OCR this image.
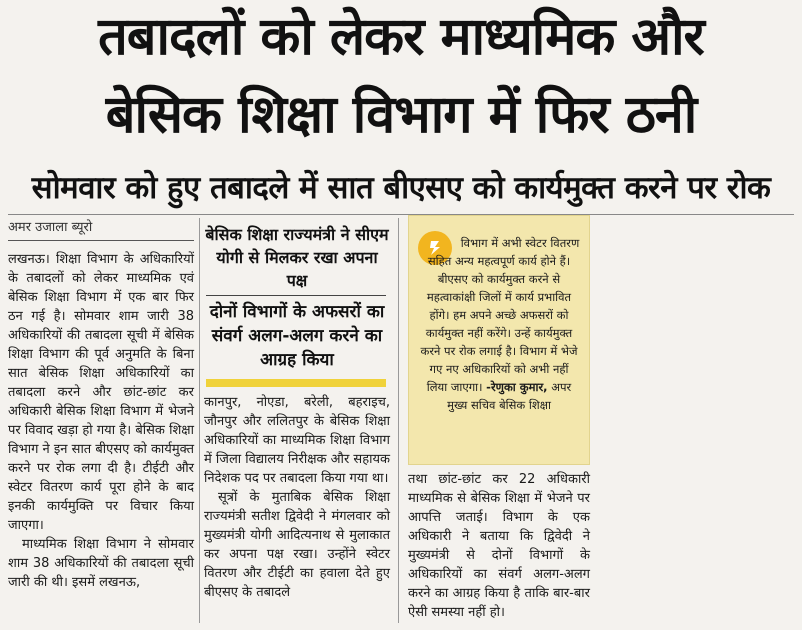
तबादलों को लेकर माध्यमिक और
बेसिक शिक्षा विभाग में फिर ठनी
सोमवार को हुए तबादले में सात बीएसए को कार्यमुक्त करने पर रोक
अमर उजाला ब्यूरो

लखनऊ। शिक्षा विभाग के अधिकारियों के तबादलों को लेकर माध्यमिक एवं बेसिक शिक्षा विभाग में एक बार फिर ठन गई है। सोमवार शाम जारी 38 अधिकारियों की तबादला सूची में बेसिक शिक्षा विभाग की पूर्व अनुमति के बिना सात बेसिक शिक्षा अधिकारियों का तबादला करने और छांट-छांट कर अधिकारी बेसिक शिक्षा विभाग में भेजने पर विवाद खड़ा हो गया है। बेसिक शिक्षा विभाग ने इन सात बीएसए को कार्यमुक्त करने पर रोक लगा दी है। टीईटी और स्वेटर वितरण कार्य पूरा होने के बाद इनकी कार्यमुक्ति पर विचार किया जाएगा।

माध्यमिक शिक्षा विभाग ने सोमवार शाम 38 अधिकारियों की तबादला सूची जारी की थी। इसमें लखनऊ,

बेसिक शिक्षा राज्यमंत्री ने सीएम योगी से मिलकर रखा अपना पक्ष
दोनों विभागों के अफसरों का संवर्ग अलग-अलग करने का आग्रह किया

कानपुर, नोएडा, बरेली, बहराइच, जौनपुर और ललितपुर के बेसिक शिक्षा अधिकारियों का माध्यमिक शिक्षा विभाग में जिला विद्यालय निरीक्षक और सहायक निदेशक पद पर तबादला किया गया था।

सूत्रों के मुताबिक बेसिक शिक्षा राज्यमंत्री सतीश द्विवेदी ने मंगलवार को मुख्यमंत्री योगी आदित्यनाथ से मुलाकात कर अपना पक्ष रखा। उन्होंने स्वेटर वितरण और टीईटी का हवाला देते हुए बीएसए के तबादले

विभाग में अभी स्वेटर वितरण सहित अन्य महत्वपूर्ण कार्य होने हैं। बीएसए को कार्यमुक्त करने से महत्वाकांक्षी जिलों में कार्य प्रभावित होंगे। हम अपने अच्छे अफसरों को कार्यमुक्त नहीं करेंगे। उन्हें कार्यमुक्त करने पर रोक लगाई है। विभाग में भेजे गए नए अधिकारियों को अभी नहीं लिया जाएगा। -रेणुका कुमार, अपर मुख्य सचिव बेसिक शिक्षा

तथा छांट-छांट कर 22 अधिकारी माध्यमिक से बेसिक शिक्षा में भेजने पर आपत्ति जताई। विभाग के एक अधिकारी ने बताया कि द्विवेदी ने मुख्यमंत्री से दोनों विभागों के अधिकारियों का संवर्ग अलग-अलग करने का आग्रह किया है ताकि बार-बार ऐसी समस्या नहीं हो।
